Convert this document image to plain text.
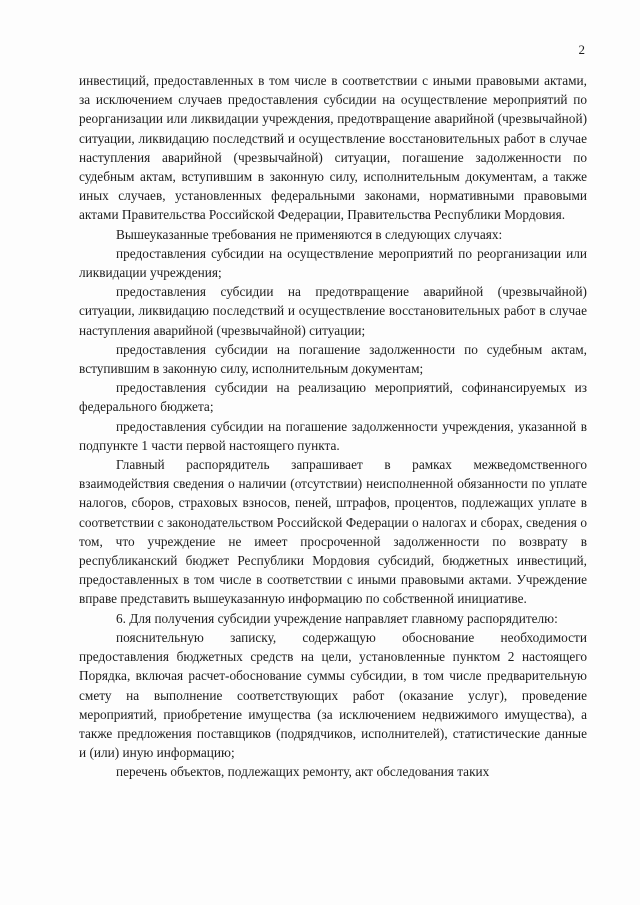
2

инвестиций, предоставленных в том числе в соответствии с иными правовыми актами, за исключением случаев предоставления субсидии на осуществление мероприятий по реорганизации или ликвидации учреждения, предотвращение аварийной (чрезвычайной) ситуации, ликвидацию последствий и осуществление восстановительных работ в случае наступления аварийной (чрезвычайной) ситуации, погашение задолженности по судебным актам, вступившим в законную силу, исполнительным документам, а также иных случаев, установленных федеральными законами, нормативными правовыми актами Правительства Российской Федерации, Правительства Республики Мордовия.

Вышеуказанные требования не применяются в следующих случаях:

предоставления субсидии на осуществление мероприятий по реорганизации или ликвидации учреждения;

предоставления субсидии на предотвращение аварийной (чрезвычайной) ситуации, ликвидацию последствий и осуществление восстановительных работ в случае наступления аварийной (чрезвычайной) ситуации;

предоставления субсидии на погашение задолженности по судебным актам, вступившим в законную силу, исполнительным документам;

предоставления субсидии на реализацию мероприятий, софинансируемых из федерального бюджета;

предоставления субсидии на погашение задолженности учреждения, указанной в подпункте 1 части первой настоящего пункта.

Главный распорядитель запрашивает в рамках межведомственного взаимодействия сведения о наличии (отсутствии) неисполненной обязанности по уплате налогов, сборов, страховых взносов, пеней, штрафов, процентов, подлежащих уплате в соответствии с законодательством Российской Федерации о налогах и сборах, сведения о том, что учреждение не имеет просроченной задолженности по возврату в республиканский бюджет Республики Мордовия субсидий, бюджетных инвестиций, предоставленных в том числе в соответствии с иными правовыми актами. Учреждение вправе представить вышеуказанную информацию по собственной инициативе.

6. Для получения субсидии учреждение направляет главному распорядителю:

пояснительную записку, содержащую обоснование необходимости предоставления бюджетных средств на цели, установленные пунктом 2 настоящего Порядка, включая расчет-обоснование суммы субсидии, в том числе предварительную смету на выполнение соответствующих работ (оказание услуг), проведение мероприятий, приобретение имущества (за исключением недвижимого имущества), а также предложения поставщиков (подрядчиков, исполнителей), статистические данные и (или) иную информацию;

перечень объектов, подлежащих ремонту, акт обследования таких
